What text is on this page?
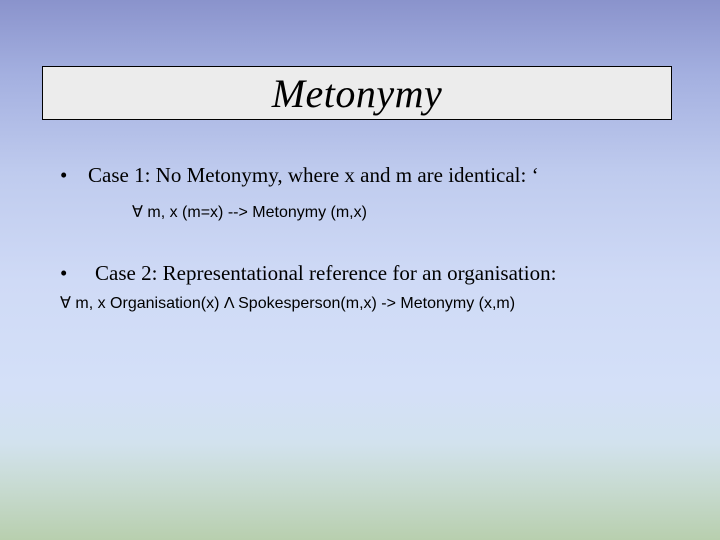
Metonymy
• Case 1: No Metonymy, where x and m are identical: ‘
∀ m, x (m=x) --> Metonymy (m,x)
• Case 2: Representational reference for an organisation:
∀ m, x Organisation(x) Λ Spokesperson(m,x) -> Metonymy (x,m)
